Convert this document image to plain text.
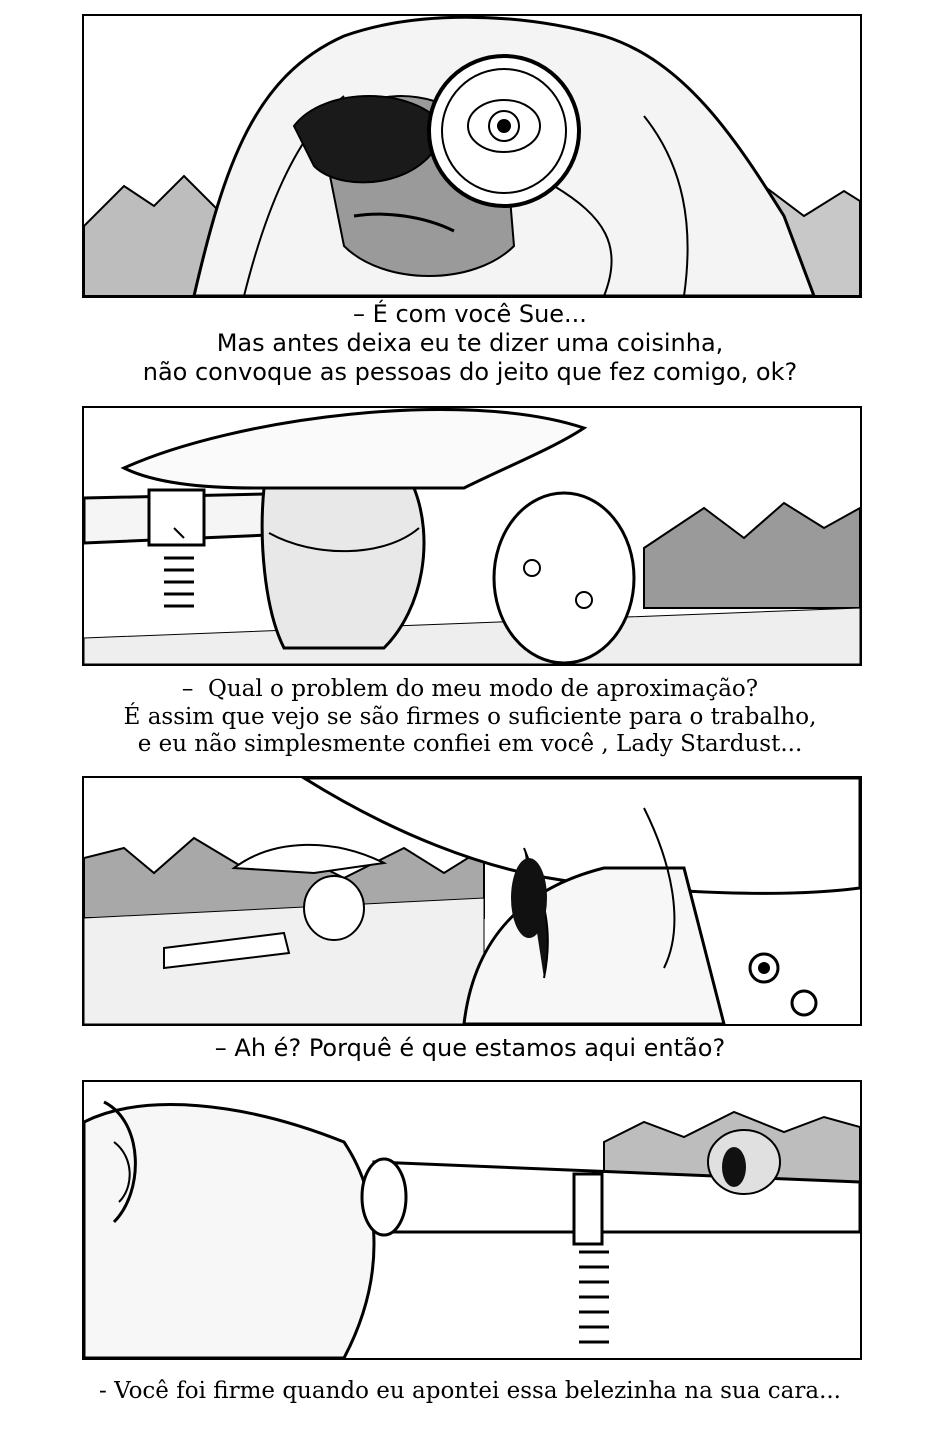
– É com você Sue...
Mas antes deixa eu te dizer uma coisinha,
não convoque as pessoas do jeito que fez comigo, ok?
–  Qual o problem do meu modo de aproximação?
É assim que vejo se são firmes o suficiente para o trabalho,
e eu não simplesmente confiei em você , Lady Stardust...
– Ah é? Porquê é que estamos aqui então?
- Você foi firme quando eu apontei essa belezinha na sua cara...
